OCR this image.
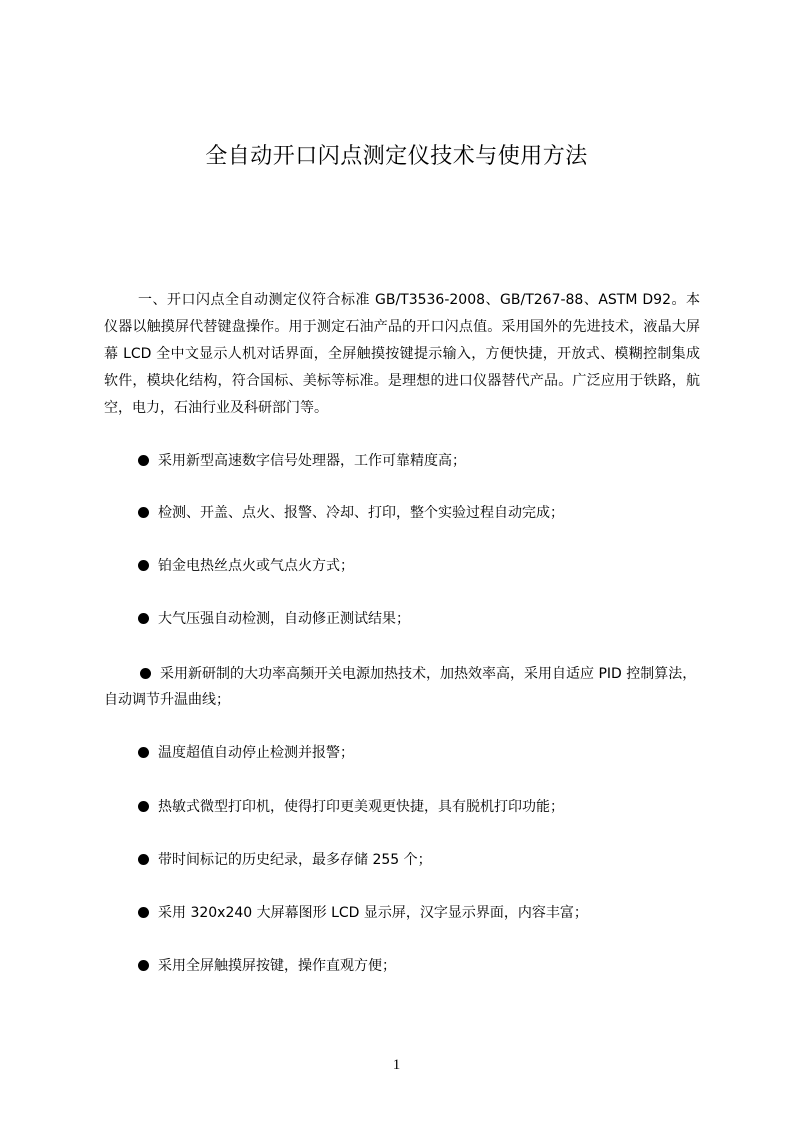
全自动开口闪点测定仪技术与使用方法

一、开口闪点全自动测定仪符合标准 GB/T3536-2008、GB/T267-88、ASTM D92。本仪器以触摸屏代替键盘操作。用于测定石油产品的开口闪点值。采用国外的先进技术，液晶大屏幕 LCD 全中文显示人机对话界面，全屏触摸按键提示输入，方便快捷，开放式、模糊控制集成软件，模块化结构，符合国标、美标等标准。是理想的进口仪器替代产品。广泛应用于铁路，航空，电力，石油行业及科研部门等。

采用新型高速数字信号处理器，工作可靠精度高；
检测、开盖、点火、报警、冷却、打印，整个实验过程自动完成；
铂金电热丝点火或气点火方式；
大气压强自动检测，自动修正测试结果；
采用新研制的大功率高频开关电源加热技术，加热效率高，采用自适应 PID 控制算法，自动调节升温曲线；
温度超值自动停止检测并报警；
热敏式微型打印机，使得打印更美观更快捷，具有脱机打印功能；
带时间标记的历史纪录，最多存储 255 个；
采用 320x240 大屏幕图形 LCD 显示屏，汉字显示界面，内容丰富；
采用全屏触摸屏按键，操作直观方便；
1
